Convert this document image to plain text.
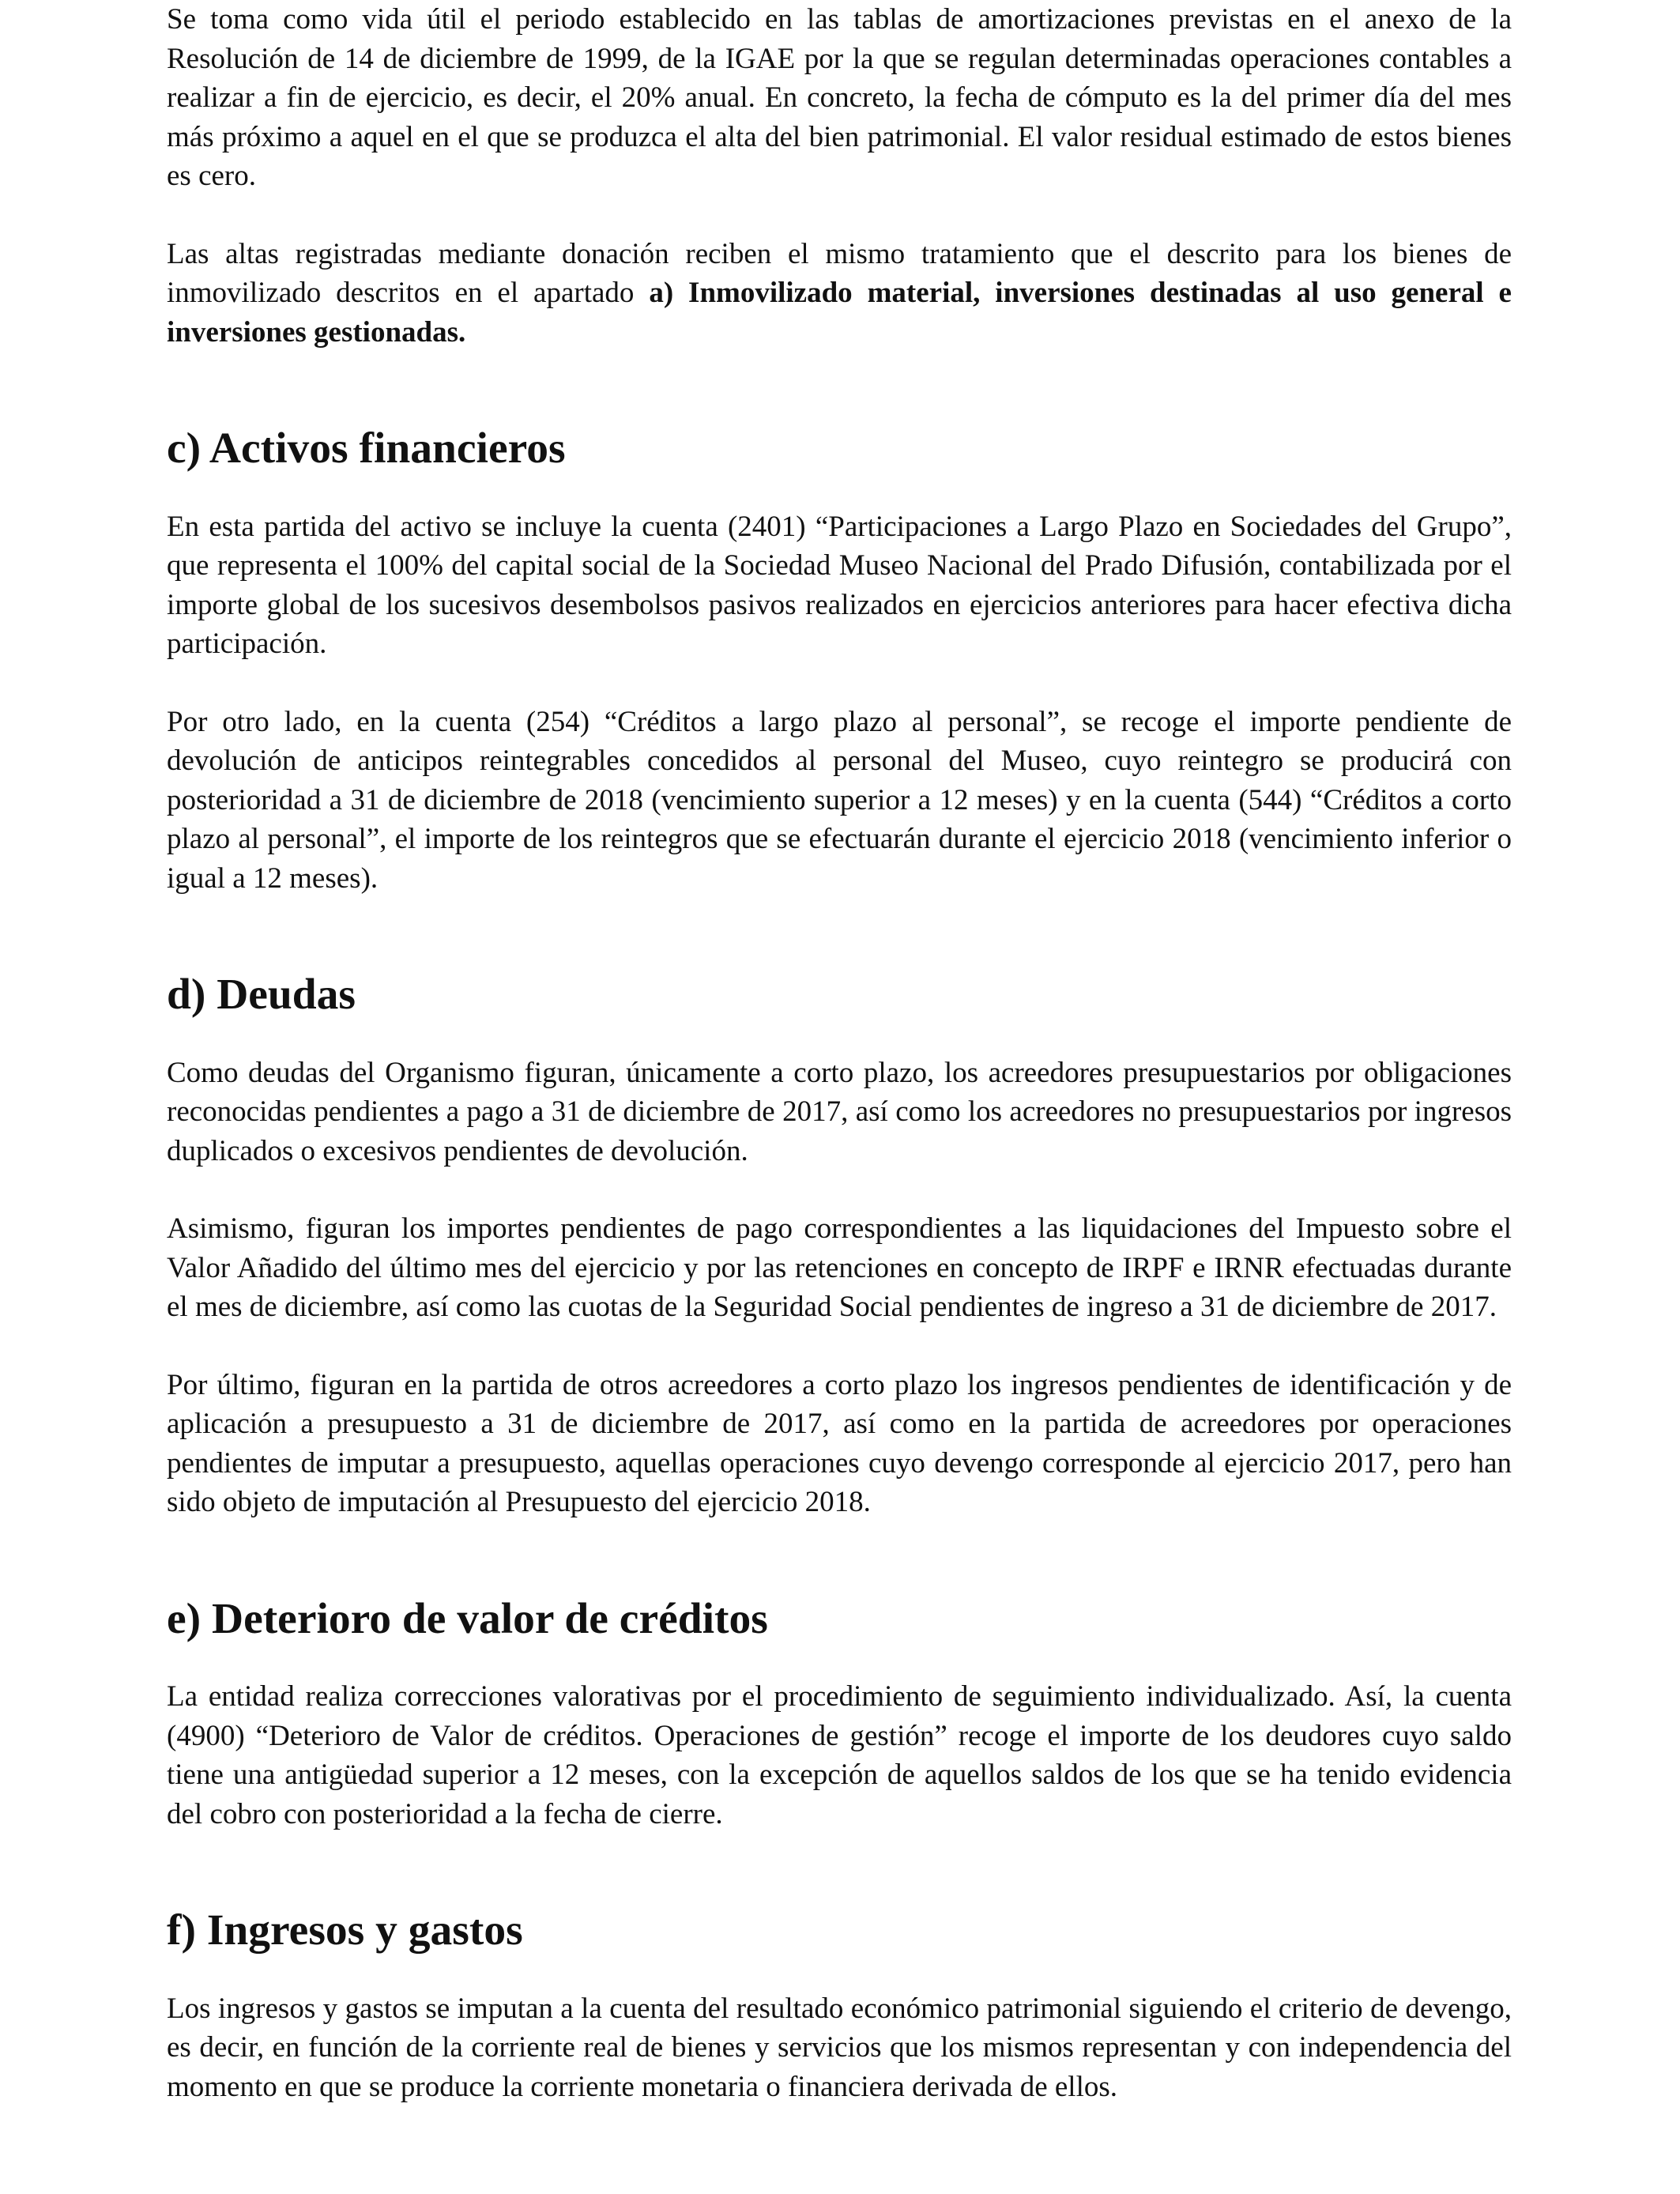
Se toma como vida útil el periodo establecido en las tablas de amortizaciones previstas en el anexo de la Resolución de 14 de diciembre de 1999, de la IGAE por la que se regulan determinadas operaciones contables a realizar a fin de ejercicio, es decir, el 20% anual. En concreto, la fecha de cómputo es la del primer día del mes más próximo a aquel en el que se produzca el alta del bien patrimonial. El valor residual estimado de estos bienes es cero.

Las altas registradas mediante donación reciben el mismo tratamiento que el descrito para los bienes de inmovilizado descritos en el apartado a) Inmovilizado material, inversiones destinadas al uso general e inversiones gestionadas.

c) Activos financieros

En esta partida del activo se incluye la cuenta (2401) “Participaciones a Largo Plazo en Sociedades del Grupo”, que representa el 100% del capital social de la Sociedad Museo Nacional del Prado Difusión, contabilizada por el importe global de los sucesivos desembolsos pasivos realizados en ejercicios anteriores para hacer efectiva dicha participación.

Por otro lado, en la cuenta (254) “Créditos a largo plazo al personal”, se recoge el importe pendiente de devolución de anticipos reintegrables concedidos al personal del Museo, cuyo reintegro se producirá con posterioridad a 31 de diciembre de 2018 (vencimiento superior a 12 meses) y en la cuenta (544) “Créditos a corto plazo al personal”, el importe de los reintegros que se efectuarán durante el ejercicio 2018 (vencimiento inferior o igual a 12 meses).

d) Deudas

Como deudas del Organismo figuran, únicamente a corto plazo, los acreedores presupuestarios por obligaciones reconocidas pendientes a pago a 31 de diciembre de 2017, así como los acreedores no presupuestarios por ingresos duplicados o excesivos pendientes de devolución.

Asimismo, figuran los importes pendientes de pago correspondientes a las liquidaciones del Impuesto sobre el Valor Añadido del último mes del ejercicio y por las retenciones en concepto de IRPF e IRNR efectuadas durante el mes de diciembre, así como las cuotas de la Seguridad Social pendientes de ingreso a 31 de diciembre de 2017.

Por último, figuran en la partida de otros acreedores a corto plazo los ingresos pendientes de identificación y de aplicación a presupuesto a 31 de diciembre de 2017, así como en la partida de acreedores por operaciones pendientes de imputar a presupuesto, aquellas operaciones cuyo devengo corresponde al ejercicio 2017, pero han sido objeto de imputación al Presupuesto del ejercicio 2018.

e) Deterioro de valor de créditos

La entidad realiza correcciones valorativas por el procedimiento de seguimiento individualizado. Así, la cuenta (4900) “Deterioro de Valor de créditos. Operaciones de gestión” recoge el importe de los deudores cuyo saldo tiene una antigüedad superior a 12 meses, con la excepción de aquellos saldos de los que se ha tenido evidencia del cobro con posterioridad a la fecha de cierre.

f) Ingresos y gastos

Los ingresos y gastos se imputan a la cuenta del resultado económico patrimonial siguiendo el criterio de devengo, es decir, en función de la corriente real de bienes y servicios que los mismos representan y con independencia del momento en que se produce la corriente monetaria o financiera derivada de ellos.
